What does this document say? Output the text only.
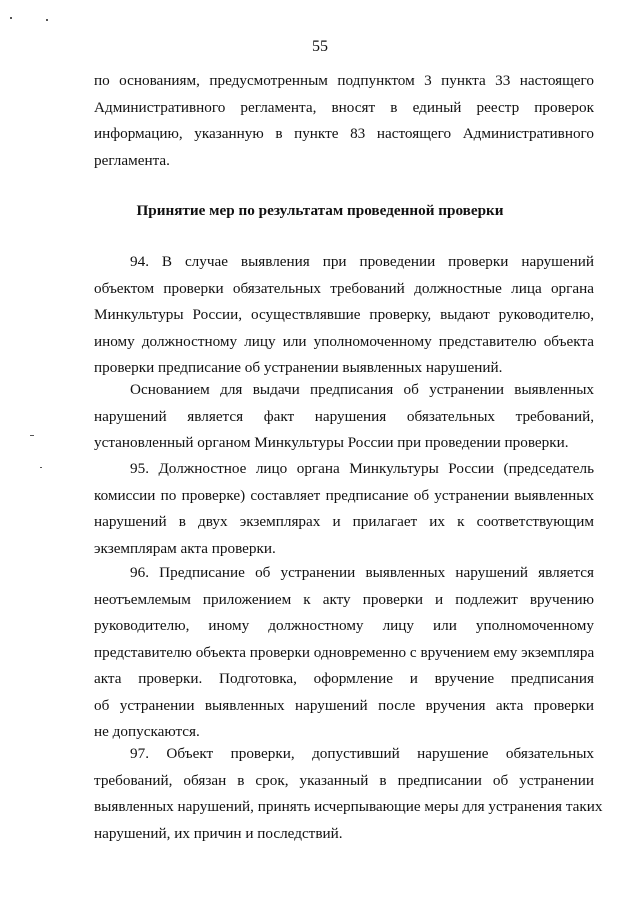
55

по основаниям, предусмотренным подпунктом 3 пункта 33 настоящего
Административного регламента, вносят в единый реестр проверок
информацию, указанную в пункте 83 настоящего Административного
регламента.

Принятие мер по результатам проведенной проверки

94. В случае выявления при проведении проверки нарушений
объектом проверки обязательных требований должностные лица органа
Минкультуры России, осуществлявшие проверку, выдают руководителю,
иному должностному лицу или уполномоченному представителю объекта
проверки предписание об устранении выявленных нарушений.

Основанием для выдачи предписания об устранении выявленных
нарушений является факт нарушения обязательных требований,
установленный органом Минкультуры России при проведении проверки.

95. Должностное лицо органа Минкультуры России (председатель
комиссии по проверке) составляет предписание об устранении выявленных
нарушений в двух экземплярах и прилагает их к соответствующим
экземплярам акта проверки.

96. Предписание об устранении выявленных нарушений является
неотъемлемым приложением к акту проверки и подлежит вручению
руководителю, иному должностному лицу или уполномоченному
представителю объекта проверки одновременно с вручением ему экземпляра
акта проверки. Подготовка, оформление и вручение предписания
об устранении выявленных нарушений после вручения акта проверки
не допускаются.

97. Объект проверки, допустивший нарушение обязательных
требований, обязан в срок, указанный в предписании об устранении
выявленных нарушений, принять исчерпывающие меры для устранения таких
нарушений, их причин и последствий.
